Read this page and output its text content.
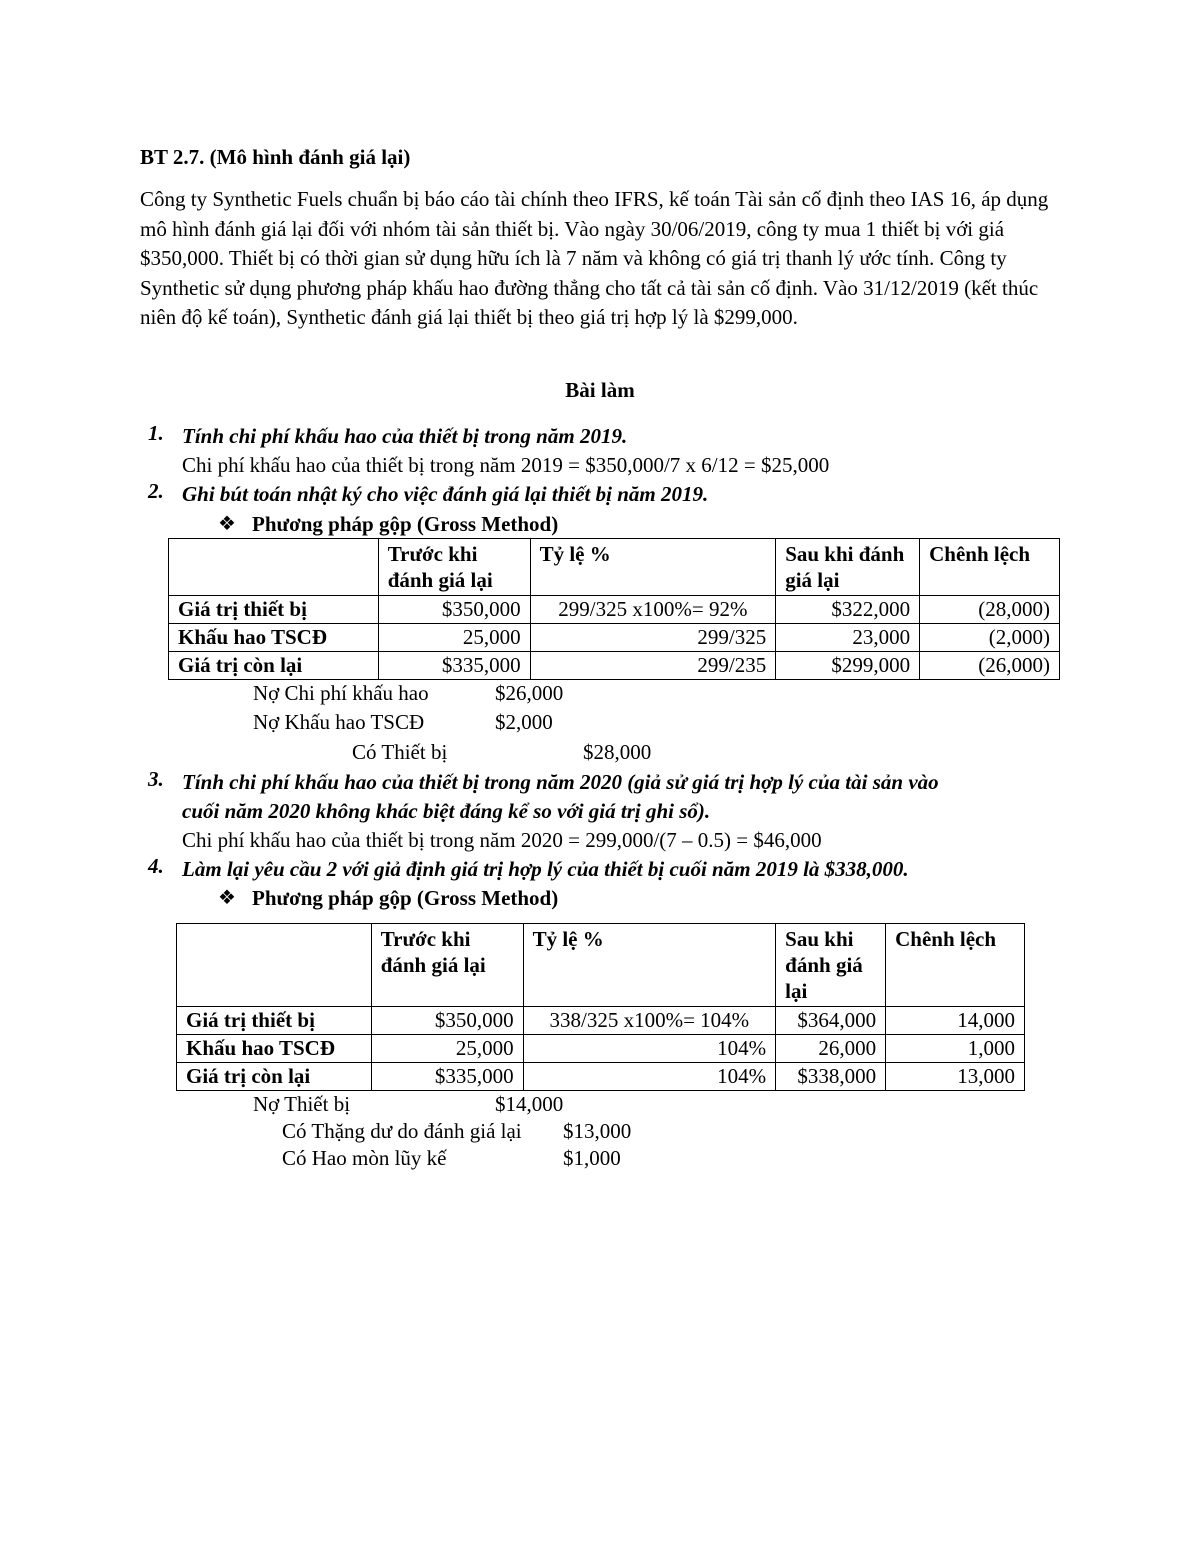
BT 2.7. (Mô hình đánh giá lại)
Công ty Synthetic Fuels chuẩn bị báo cáo tài chính theo IFRS, kế toán Tài sản cố định theo IAS 16, áp dụng mô hình đánh giá lại đối với nhóm tài sản thiết bị. Vào ngày 30/06/2019, công ty mua 1 thiết bị với giá $350,000. Thiết bị có thời gian sử dụng hữu ích là 7 năm và không có giá trị thanh lý ước tính. Công ty Synthetic sử dụng phương pháp khấu hao đường thẳng cho tất cả tài sản cố định. Vào 31/12/2019 (kết thúc niên độ kế toán), Synthetic đánh giá lại thiết bị theo giá trị hợp lý là $299,000.
Bài làm
1. Tính chi phí khấu hao của thiết bị trong năm 2019.
Chi phí khấu hao của thiết bị trong năm 2019 = $350,000/7 x 6/12 = $25,000
2. Ghi bút toán nhật ký cho việc đánh giá lại thiết bị năm 2019.
❖ Phương pháp gộp (Gross Method)
	Trước khi đánh giá lại	Tỷ lệ %	Sau khi đánh giá lại	Chênh lệch
Giá trị thiết bị	$350,000	299/325 x100%= 92%	$322,000	(28,000)
Khấu hao TSCĐ	25,000	299/325	23,000	(2,000)
Giá trị còn lại	$335,000	299/235	$299,000	(26,000)
Nợ Chi phí khấu hao	$26,000
Nợ Khấu hao TSCĐ	$2,000
Có Thiết bị	$28,000
3. Tính chi phí khấu hao của thiết bị trong năm 2020 (giả sử giá trị hợp lý của tài sản vào
cuối năm 2020 không khác biệt đáng kể so với giá trị ghi sổ).
Chi phí khấu hao của thiết bị trong năm 2020 = 299,000/(7 – 0.5) = $46,000
4. Làm lại yêu cầu 2 với giả định giá trị hợp lý của thiết bị cuối năm 2019 là $338,000.
❖ Phương pháp gộp (Gross Method)
	Trước khi đánh giá lại	Tỷ lệ %	Sau khi đánh giá lại	Chênh lệch
Giá trị thiết bị	$350,000	338/325 x100%= 104%	$364,000	14,000
Khấu hao TSCĐ	25,000	104%	26,000	1,000
Giá trị còn lại	$335,000	104%	$338,000	13,000
Nợ Thiết bị	$14,000
Có Thặng dư do đánh giá lại $13,000
Có Hao mòn lũy kế	$1,000
